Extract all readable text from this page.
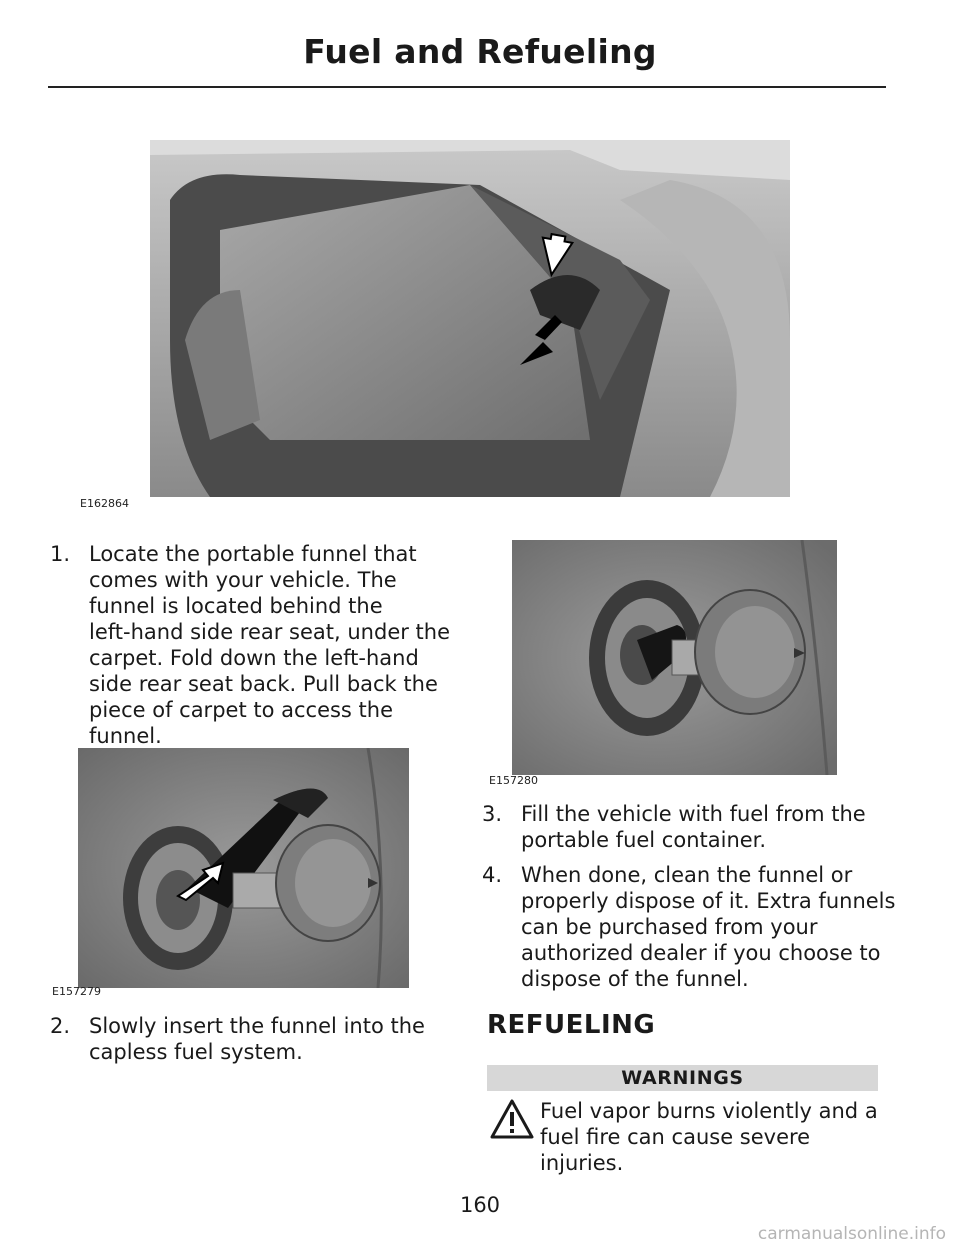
Fuel and Refueling
E162864
1. Locate the portable funnel that
comes with your vehicle. The
funnel is located behind the
left-hand side rear seat, under the
carpet. Fold down the left-hand
side rear seat back. Pull back the
piece of carpet to access the
funnel.
E157279
2. Slowly insert the funnel into the
capless fuel system.
E157280
3. Fill the vehicle with fuel from the
portable fuel container.
4. When done, clean the funnel or
properly dispose of it. Extra funnels
can be purchased from your
authorized dealer if you choose to
dispose of the funnel.
REFUELING
WARNINGS
Fuel vapor burns violently and a
fuel fire can cause severe injuries.
160
carmanualsonline.info
